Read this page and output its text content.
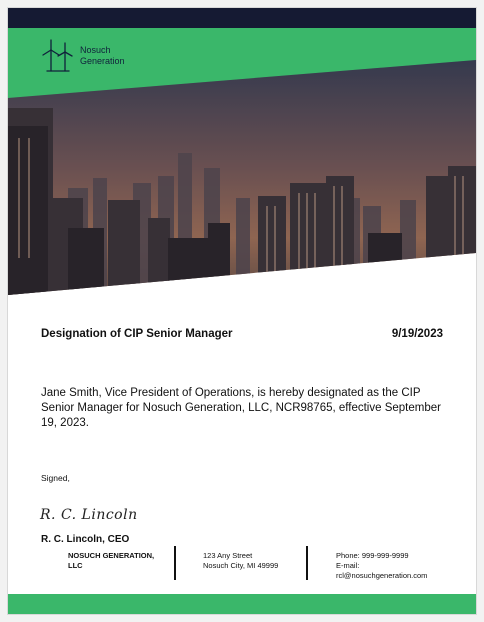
Nosuch
Generation
Designation of CIP Senior Manager	9/19/2023
Jane Smith, Vice President of Operations, is hereby designated as the CIP Senior Manager for Nosuch Generation, LLC, NCR98765, effective September 19, 2023.
Signed,
R. C. Lincoln
R. C. Lincoln, CEO
NOSUCH GENERATION,
LLC
123 Any Street
Nosuch City, MI 49999
Phone: 999-999-9999
E-mail:
rcl@nosuchgeneration.com
